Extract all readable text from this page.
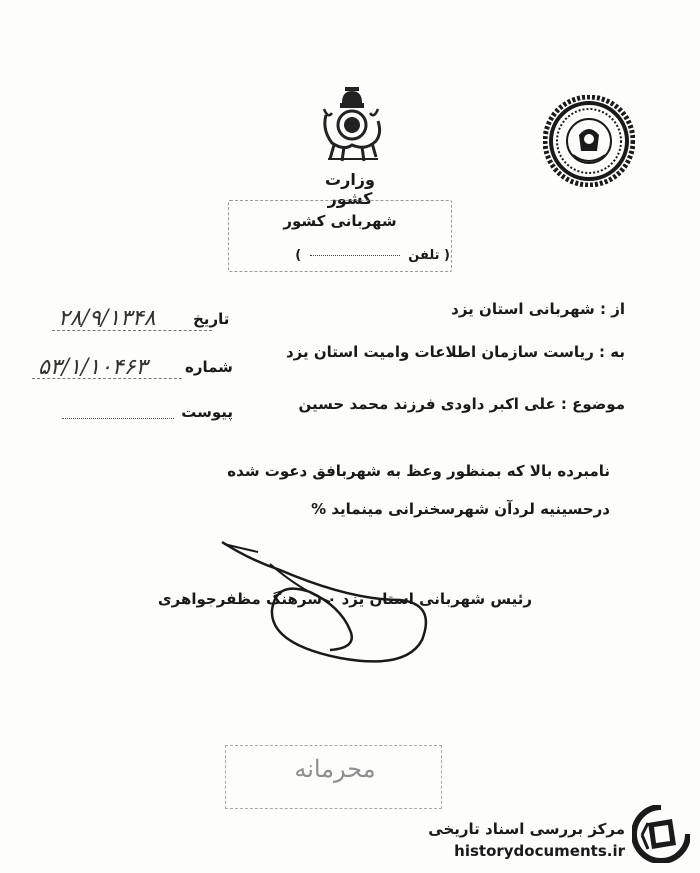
وزارت کشور
شهربانی کشور
( تلفن  )
تاریخ
شماره
پیوست
۲۸/۹/۱۳۴۸
۵۳/۱/۱۰۴۶۳
از : شهربانی استان یزد
به : ریاست سازمان اطلاعات وامیت استان یزد
موضوع : علی اکبر داودی فرزند محمد حسین
نامبرده بالا که بمنظور وعظ به شهربافق دعوت شده
درحسینیه لردآن شهرسخنرانی مینماید %
رئیس شهربانی استان یزد ۰ سرهنگ مظفرجواهری
محرمانه
مرکز بررسی اسناد تاریخی
historydocuments.ir
